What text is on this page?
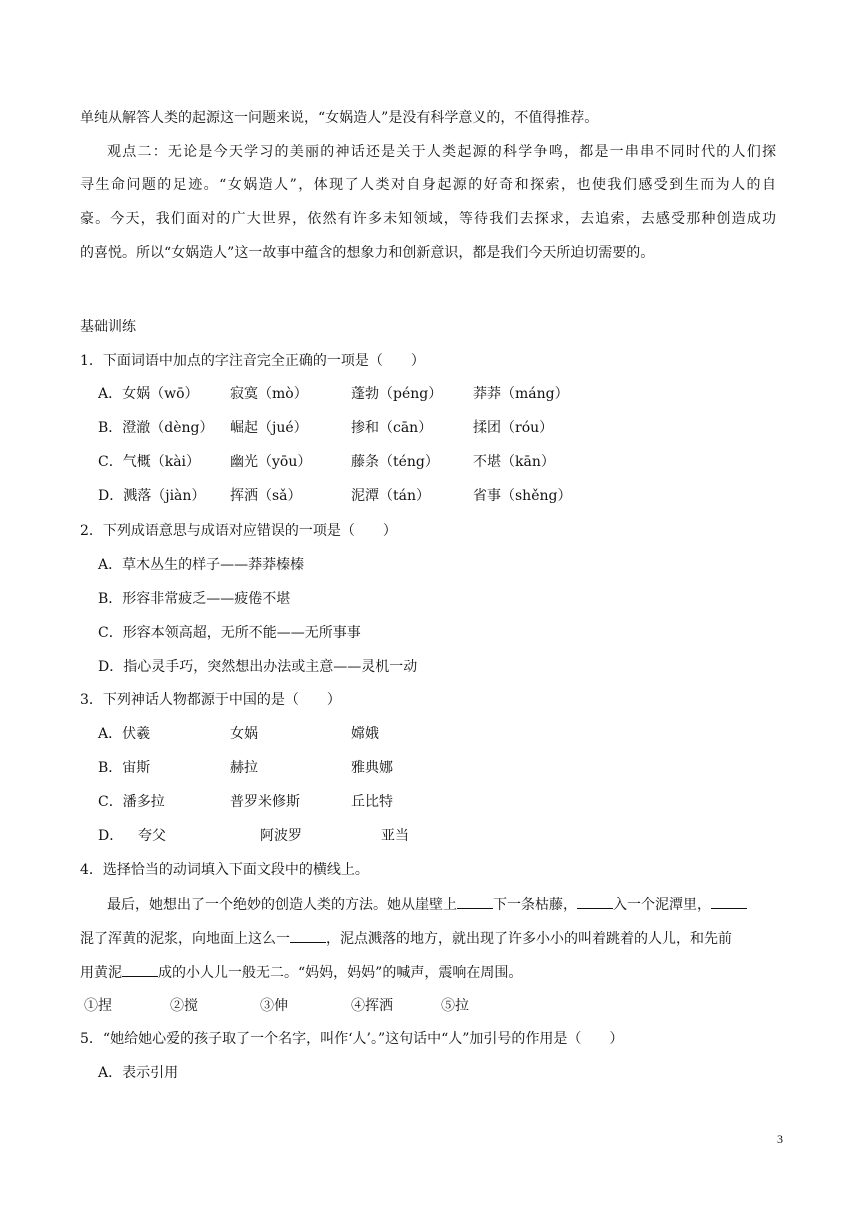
单纯从解答人类的起源这一问题来说，“女娲造人”是没有科学意义的，不值得推荐。
观点二：无论是今天学习的美丽的神话还是关于人类起源的科学争鸣，都是一串串不同时代的人们探
寻生命问题的足迹。“女娲造人”，体现了人类对自身起源的好奇和探索，也使我们感受到生而为人的自
豪。今天，我们面对的广大世界，依然有许多未知领域，等待我们去探求，去追索，去感受那种创造成功
的喜悦。所以“女娲造人”这一故事中蕴含的想象力和创新意识，都是我们今天所迫切需要的。
基础训练
1．下面词语中加点的字注音完全正确的一项是（　　）
A．女娲（wō） 寂寞（mò）	蓬勃（péng） 莽莽（máng）
B．澄澈（dèng） 崛起（jué）	掺和（cān）	揉团（róu）
C．气概（kài） 幽光（yōu）	藤条（téng） 不堪（kān）
D．溅落（jiàn） 挥洒（sǎ）	泥潭（tán）	省事（shěng）
2．下列成语意思与成语对应错误的一项是（　　）
A．草木丛生的样子——莽莽榛榛
B．形容非常疲乏——疲倦不堪
C．形容本领高超，无所不能——无所事事
D．指心灵手巧，突然想出办法或主意——灵机一动
3．下列神话人物都源于中国的是（　　）
A．伏羲	女娲	嫦娥
B．宙斯	赫拉	雅典娜
C．潘多拉	普罗米修斯	丘比特
D． 夸父	阿波罗	亚当
4．选择恰当的动词填入下面文段中的横线上。
最后，她想出了一个绝妙的创造人类的方法。她从崖壁上	下一条枯藤，	入一个泥潭里，
混了浑黄的泥浆，向地面上这么一	，泥点溅落的地方，就出现了许多小小的叫着跳着的人儿，和先前
用黄泥	成的小人儿一般无二。“妈妈，妈妈”的喊声，震响在周围。
①捏	②搅	③伸	④挥洒	⑤拉
5．“她给她心爱的孩子取了一个名字，叫作‘人’。”这句话中“人”加引号的作用是（　　）
A．表示引用
3
